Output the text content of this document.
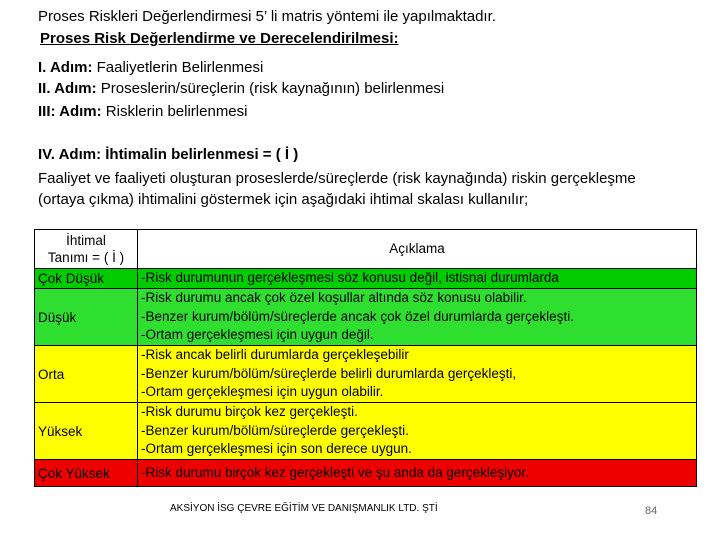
Proses Riskleri Değerlendirmesi 5’ li matris yöntemi ile yapılmaktadır.
Proses Risk Değerlendirme ve Derecelendirilmesi:
I. Adım: Faaliyetlerin Belirlenmesi
II. Adım: Proseslerin/süreçlerin (risk kaynağının) belirlenmesi
III: Adım: Risklerin belirlenmesi
IV. Adım: İhtimalin belirlenmesi = ( İ )
Faaliyet ve faaliyeti oluşturan proseslerde/süreçlerde (risk kaynağında) riskin gerçekleşme (ortaya çıkma) ihtimalini göstermek için aşağıdaki ihtimal skalası kullanılır;
İhtimal
Tanımı = ( İ )	Açıklama
Çok Düşük	-Risk durumunun gerçekleşmesi söz konusu değil, istisnai durumlarda

Düşük	-Risk durumu ancak çok özel koşullar altında söz konusu olabilir.
-Benzer kurum/bölüm/süreçlerde ancak çok özel durumlarda gerçekleşti.
-Ortam gerçekleşmesi için uygun değil.

Orta	-Risk ancak belirli durumlarda gerçekleşebilir
-Benzer kurum/bölüm/süreçlerde belirli durumlarda gerçekleşti,
-Ortam gerçekleşmesi için uygun olabilir.

Yüksek	-Risk durumu birçok kez gerçekleşti.
-Benzer kurum/bölüm/süreçlerde gerçekleşti.
-Ortam gerçekleşmesi için son derece uygun.

Çok Yüksek	-Risk durumu birçok kez gerçekleşti ve şu anda da gerçekleşiyor.
AKSİYON İSG ÇEVRE EĞİTİM VE DANIŞMANLIK LTD. ŞTİ	84
